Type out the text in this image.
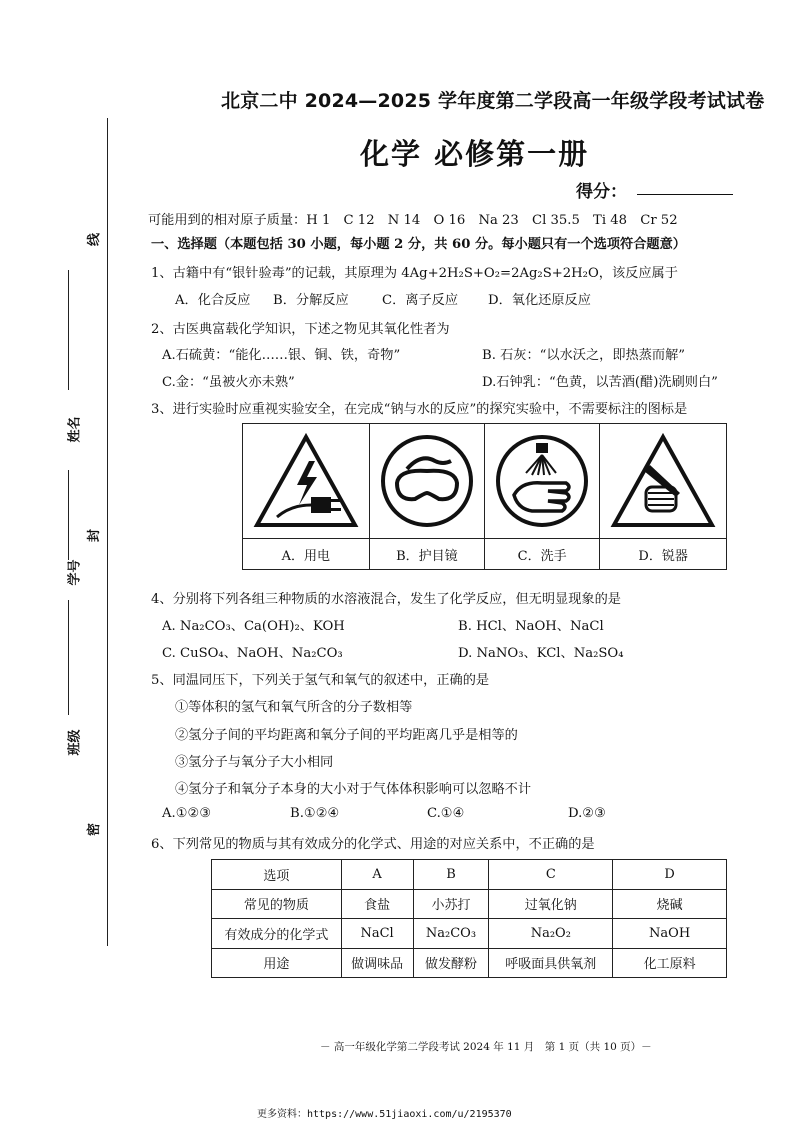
北京二中 2024—2025 学年度第二学段高一年级学段考试试卷
化学 必修第一册
得分：
线
姓名
封
学号
班级
密
可能用到的相对原子质量：H 1　C 12　N 14　O 16　Na 23　Cl 35.5　Ti 48　Cr 52
一、选择题（本题包括 30 小题，每小题 2 分，共 60 分。每小题只有一个选项符合题意）
1、古籍中有“银针验毒”的记载，其原理为 4Ag+2H₂S+O₂=2Ag₂S+2H₂O，该反应属于
A．化合反应 B．分解反应	C．离子反应 D．氧化还原反应
2、古医典富载化学知识，下述之物见其氧化性者为
A.石硫黄：“能化……银、铜、铁，奇物”	B. 石灰：“以水沃之，即热蒸而解”
C.金：“虽被火亦未熟”	D.石钟乳：“色黄，以苦酒(醋)洗刷则白”
3、进行实验时应重视实验安全，在完成“钠与水的反应”的探究实验中，不需要标注的图标是

A．用电	B．护目镜	C．洗手	D．锐器
4、分别将下列各组三种物质的水溶液混合，发生了化学反应，但无明显现象的是
A. Na₂CO₃、Ca(OH)₂、KOH	B. HCl、NaOH、NaCl
C. CuSO₄、NaOH、Na₂CO₃	D. NaNO₃、KCl、Na₂SO₄
5、同温同压下，下列关于氢气和氧气的叙述中，正确的是
①等体积的氢气和氧气所含的分子数相等
②氢分子间的平均距离和氧分子间的平均距离几乎是相等的
③氢分子与氧分子大小相同
④氢分子和氧分子本身的大小对于气体体积影响可以忽略不计
A.①②③	B.①②④	C.①④	D.②③
6、下列常见的物质与其有效成分的化学式、用途的对应关系中，不正确的是
选项	A	B	C	D
常见的物质	食盐	小苏打	过氧化钠	烧碱
有效成分的化学式	NaCl	Na₂CO₃	Na₂O₂	NaOH
用途	做调味品	做发酵粉	呼吸面具供氧剂	化工原料
－ 高一年级化学第二学段考试 2024 年 11 月　第 1 页（共 10 页）－
更多资料：https://www.51jiaoxi.com/u/2195370
